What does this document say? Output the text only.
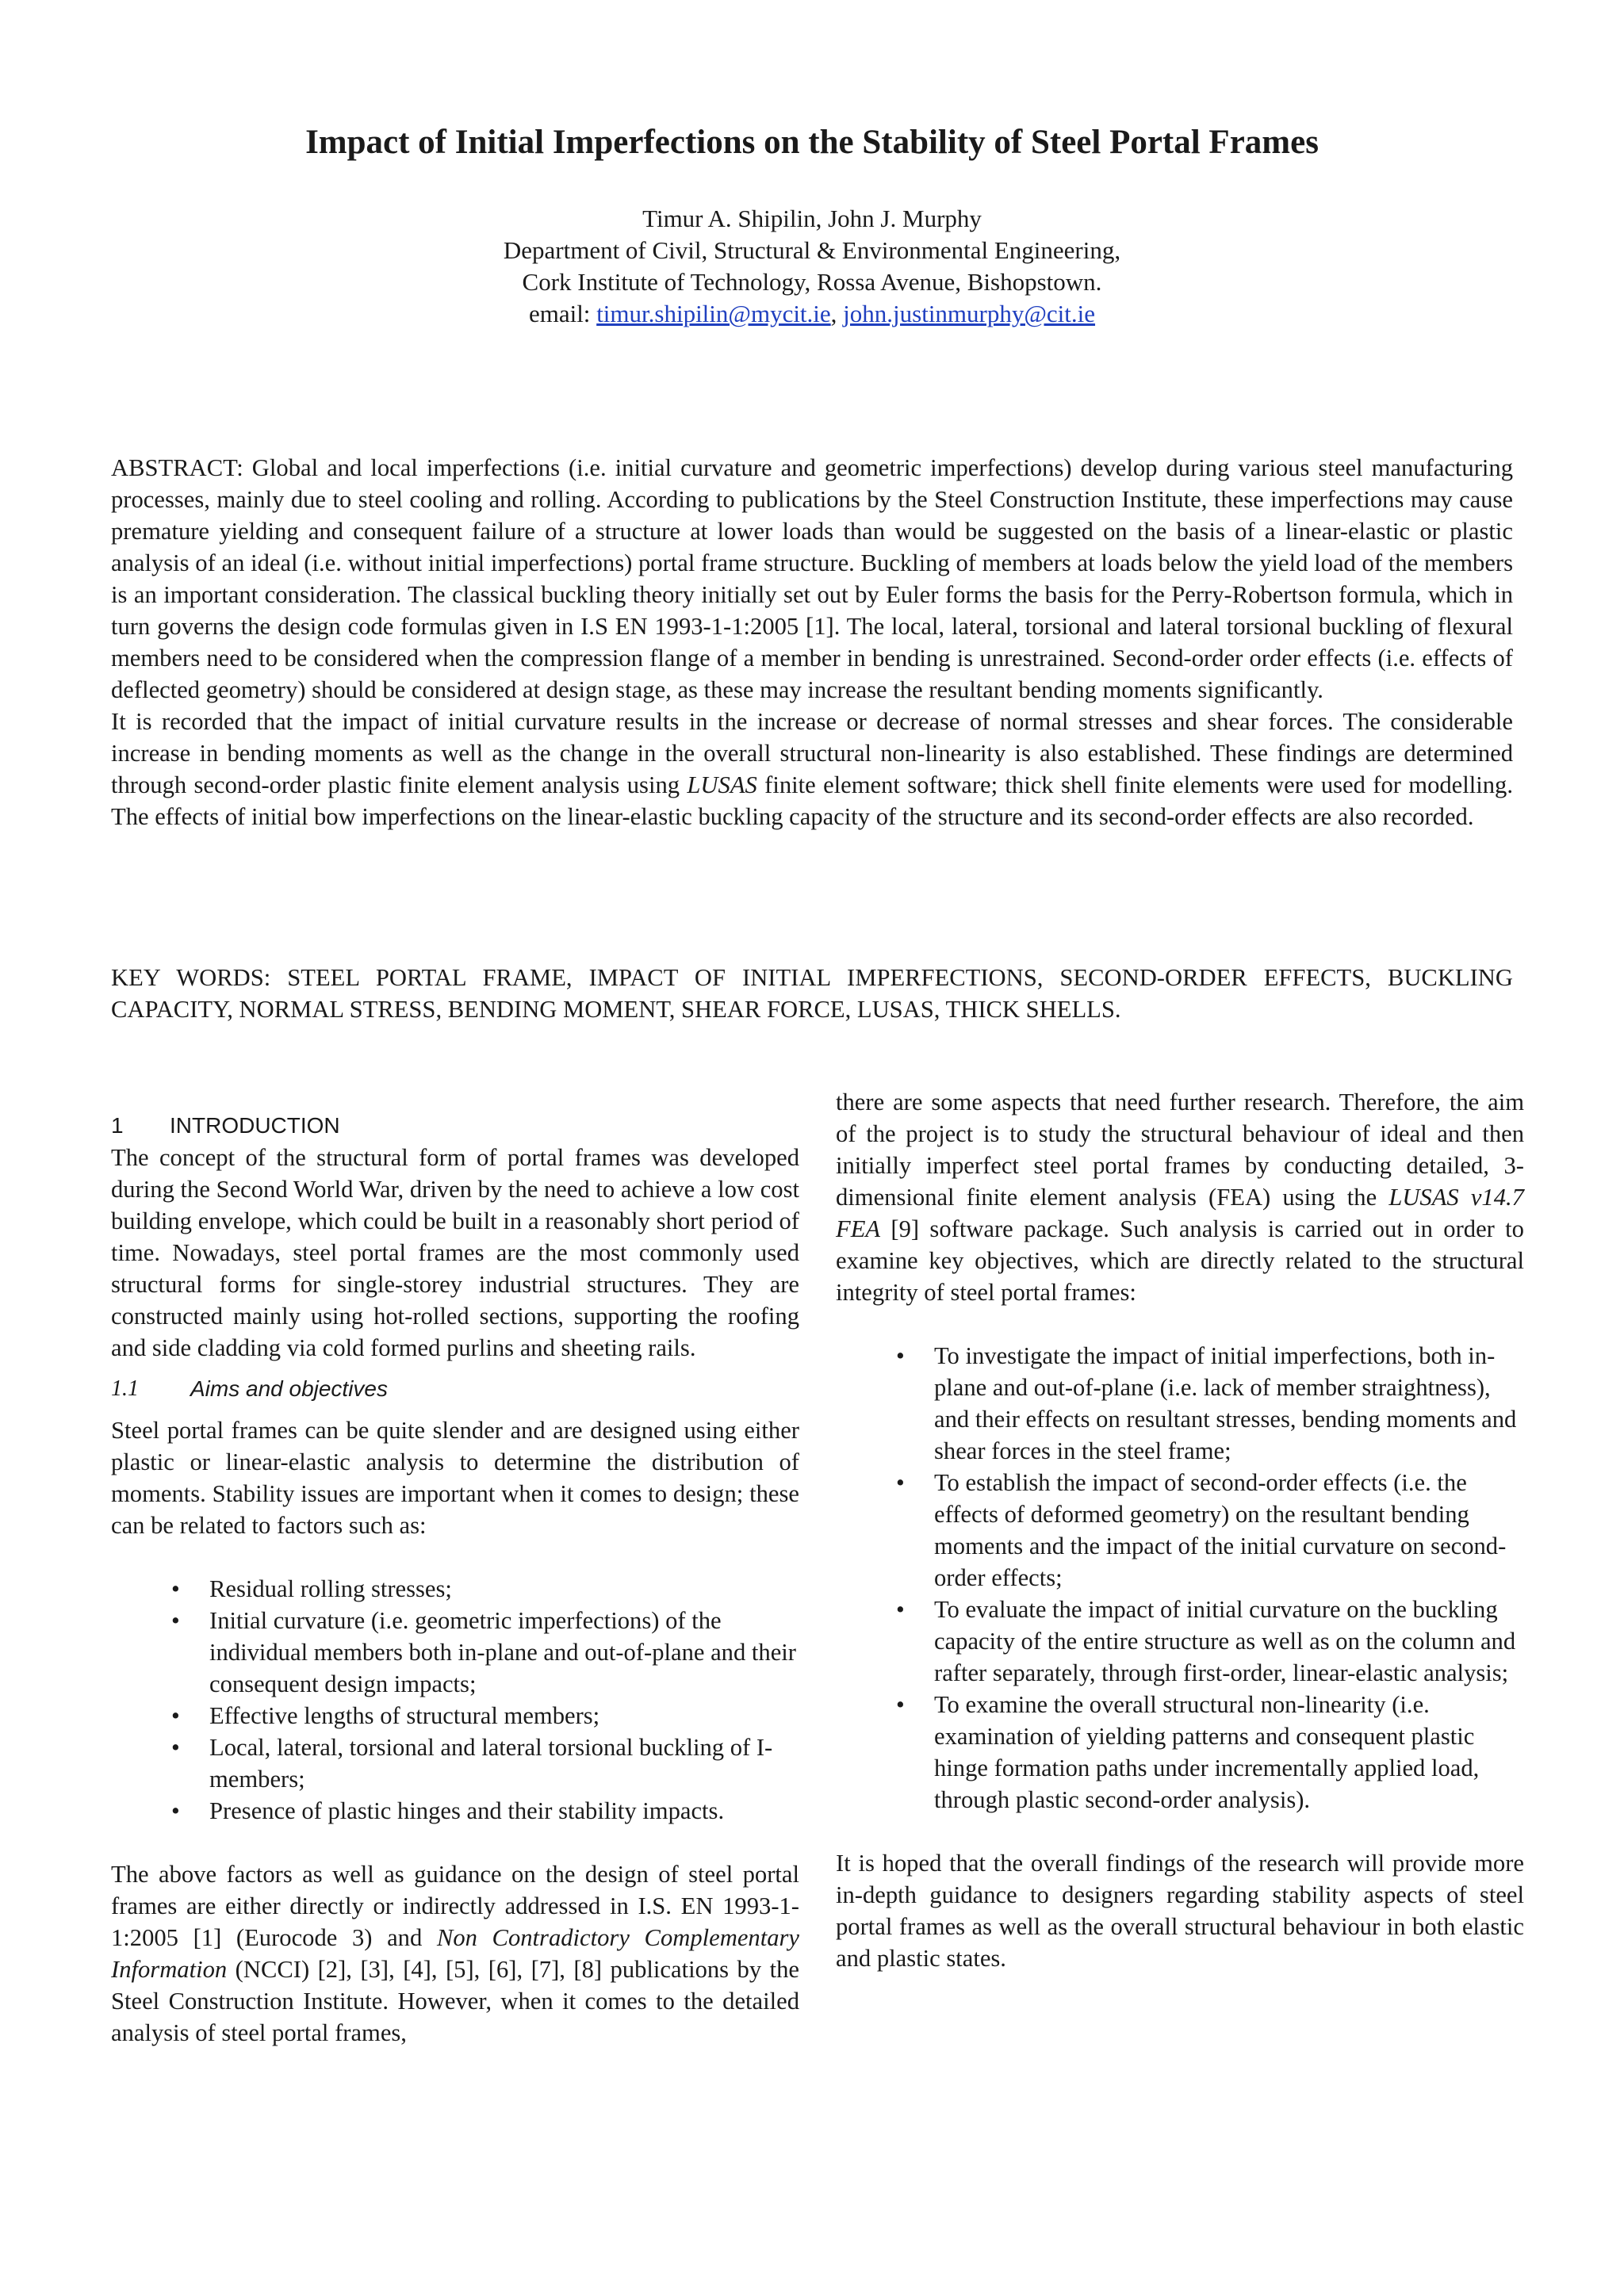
Impact of Initial Imperfections on the Stability of Steel Portal Frames
Timur A. Shipilin, John J. Murphy
Department of Civil, Structural & Environmental Engineering,
Cork Institute of Technology, Rossa Avenue, Bishopstown.
email: timur.shipilin@mycit.ie, john.justinmurphy@cit.ie

ABSTRACT: Global and local imperfections (i.e. initial curvature and geometric imperfections) develop during various steel manufacturing processes, mainly due to steel cooling and rolling. According to publications by the Steel Construction Institute, these imperfections may cause premature yielding and consequent failure of a structure at lower loads than would be suggested on the basis of a linear-elastic or plastic analysis of an ideal (i.e. without initial imperfections) portal frame structure. Buckling of members at loads below the yield load of the members is an important consideration. The classical buckling theory initially set out by Euler forms the basis for the Perry-Robertson formula, which in turn governs the design code formulas given in I.S EN 1993-1-1:2005 [1]. The local, lateral, torsional and lateral torsional buckling of flexural members need to be considered when the compression flange of a member in bending is unrestrained. Second-order order effects (i.e. effects of deflected geometry) should be considered at design stage, as these may increase the resultant bending moments significantly.

It is recorded that the impact of initial curvature results in the increase or decrease of normal stresses and shear forces. The considerable increase in bending moments as well as the change in the overall structural non-linearity is also established. These findings are determined through second-order plastic finite element analysis using LUSAS finite element software; thick shell finite elements were used for modelling. The effects of initial bow imperfections on the linear-elastic buckling capacity of the structure and its second-order effects are also recorded.

KEY WORDS: STEEL PORTAL FRAME, IMPACT OF INITIAL IMPERFECTIONS, SECOND-ORDER EFFECTS, BUCKLING CAPACITY, NORMAL STRESS, BENDING MOMENT, SHEAR FORCE, LUSAS, THICK SHELLS.

1	INTRODUCTION

The concept of the structural form of portal frames was developed during the Second World War, driven by the need to achieve a low cost building envelope, which could be built in a reasonably short period of time. Nowadays, steel portal frames are the most commonly used structural forms for single-storey industrial structures. They are constructed mainly using hot-rolled sections, supporting the roofing and side cladding via cold formed purlins and sheeting rails.

1.1	Aims and objectives

Steel portal frames can be quite slender and are designed using either plastic or linear-elastic analysis to determine the distribution of moments. Stability issues are important when it comes to design; these can be related to factors such as:

• Residual rolling stresses;
• Initial curvature (i.e. geometric imperfections) of the individual members both in-plane and out-of-plane and their consequent design impacts;
• Effective lengths of structural members;
• Local, lateral, torsional and lateral torsional buckling of I-members;
• Presence of plastic hinges and their stability impacts.

The above factors as well as guidance on the design of steel portal frames are either directly or indirectly addressed in I.S. EN 1993-1-1:2005 [1] (Eurocode 3) and Non Contradictory Complementary Information (NCCI) [2], [3], [4], [5], [6], [7], [8] publications by the Steel Construction Institute. However, when it comes to the detailed analysis of steel portal frames,

there are some aspects that need further research. Therefore, the aim of the project is to study the structural behaviour of ideal and then initially imperfect steel portal frames by conducting detailed, 3-dimensional finite element analysis (FEA) using the LUSAS v14.7 FEA [9] software package. Such analysis is carried out in order to examine key objectives, which are directly related to the structural integrity of steel portal frames:

• To investigate the impact of initial imperfections, both in-plane and out-of-plane (i.e. lack of member straightness), and their effects on resultant stresses, bending moments and shear forces in the steel frame;
• To establish the impact of second-order effects (i.e. the effects of deformed geometry) on the resultant bending moments and the impact of the initial curvature on second-order effects;
• To evaluate the impact of initial curvature on the buckling capacity of the entire structure as well as on the column and rafter separately, through first-order, linear-elastic analysis;
• To examine the overall structural non-linearity (i.e. examination of yielding patterns and consequent plastic hinge formation paths under incrementally applied load, through plastic second-order analysis).

It is hoped that the overall findings of the research will provide more in-depth guidance to designers regarding stability aspects of steel portal frames as well as the overall structural behaviour in both elastic and plastic states.
